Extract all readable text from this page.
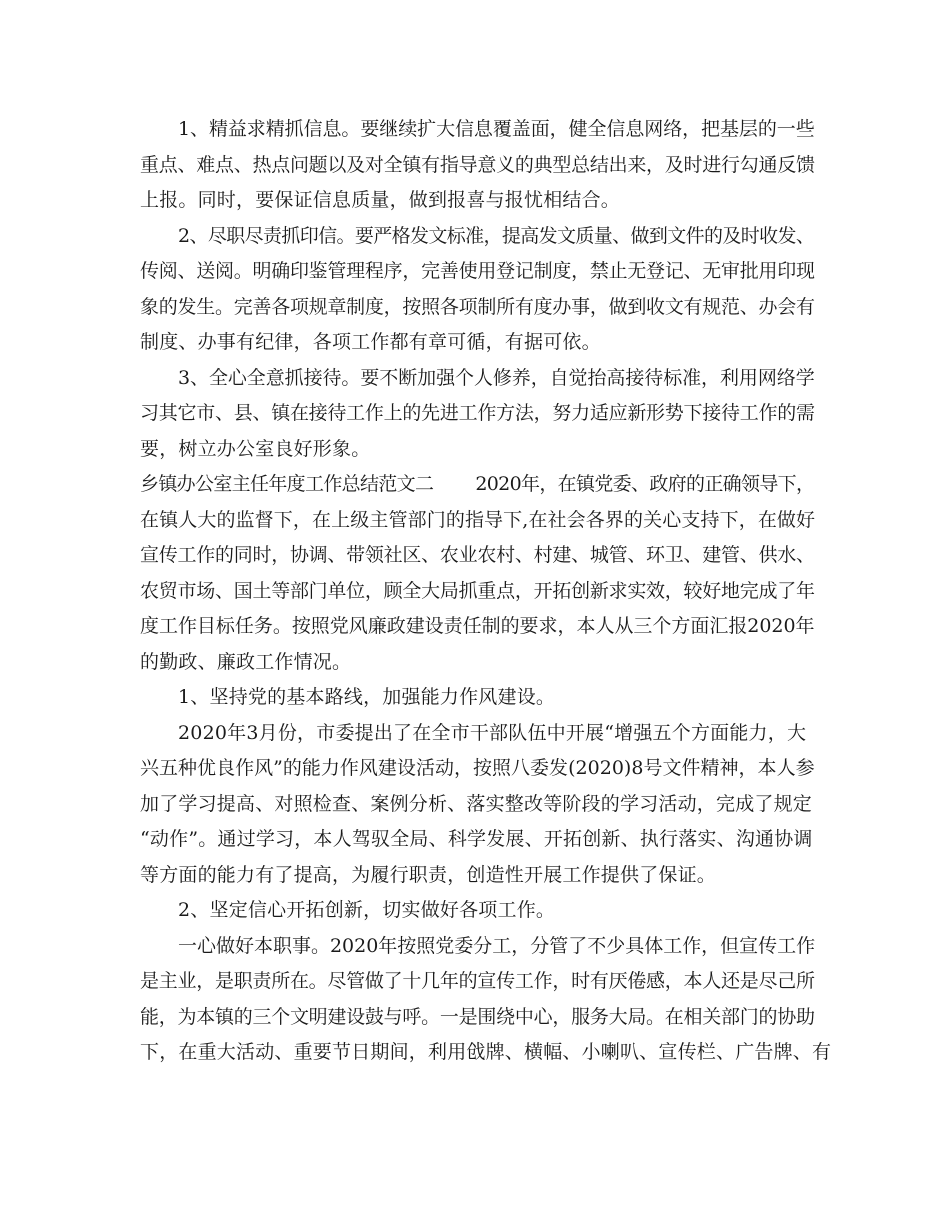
1、精益求精抓信息。要继续扩大信息覆盖面，健全信息网络，把基层的一些
重点、难点、热点问题以及对全镇有指导意义的典型总结出来，及时进行勾通反馈
上报。同时，要保证信息质量，做到报喜与报忧相结合。
2、尽职尽责抓印信。要严格发文标准，提高发文质量、做到文件的及时收发、
传阅、送阅。明确印鉴管理程序，完善使用登记制度，禁止无登记、无审批用印现
象的发生。完善各项规章制度，按照各项制所有度办事，做到收文有规范、办会有
制度、办事有纪律，各项工作都有章可循，有据可依。
3、全心全意抓接待。要不断加强个人修养，自觉抬高接待标准，利用网络学
习其它市、县、镇在接待工作上的先进工作方法，努力适应新形势下接待工作的需
要，树立办公室良好形象。
乡镇办公室主任年度工作总结范文二　　 2020年，在镇党委、政府的正确领导下，
在镇人大的监督下，在上级主管部门的指导下,在社会各界的关心支持下，在做好
宣传工作的同时，协调、带领社区、农业农村、村建、城管、环卫、建管、供水、
农贸市场、国土等部门单位，顾全大局抓重点，开拓创新求实效，较好地完成了年
度工作目标任务。按照党风廉政建设责任制的要求，本人从三个方面汇报2020年
的勤政、廉政工作情况。
1、坚持党的基本路线，加强能力作风建设。
2020年3月份，市委提出了在全市干部队伍中开展“增强五个方面能力，大
兴五种优良作风”的能力作风建设活动，按照八委发(2020)8号文件精神，本人参
加了学习提高、对照检查、案例分析、落实整改等阶段的学习活动，完成了规定
“动作”。通过学习，本人驾驭全局、科学发展、开拓创新、执行落实、沟通协调
等方面的能力有了提高，为履行职责，创造性开展工作提供了保证。
2、坚定信心开拓创新，切实做好各项工作。
一心做好本职事。2020年按照党委分工，分管了不少具体工作，但宣传工作
是主业，是职责所在。尽管做了十几年的宣传工作，时有厌倦感，本人还是尽己所
能，为本镇的三个文明建设鼓与呼。一是围绕中心，服务大局。在相关部门的协助
下，在重大活动、重要节日期间，利用戗牌、横幅、小喇叭、宣传栏、广告牌、有
